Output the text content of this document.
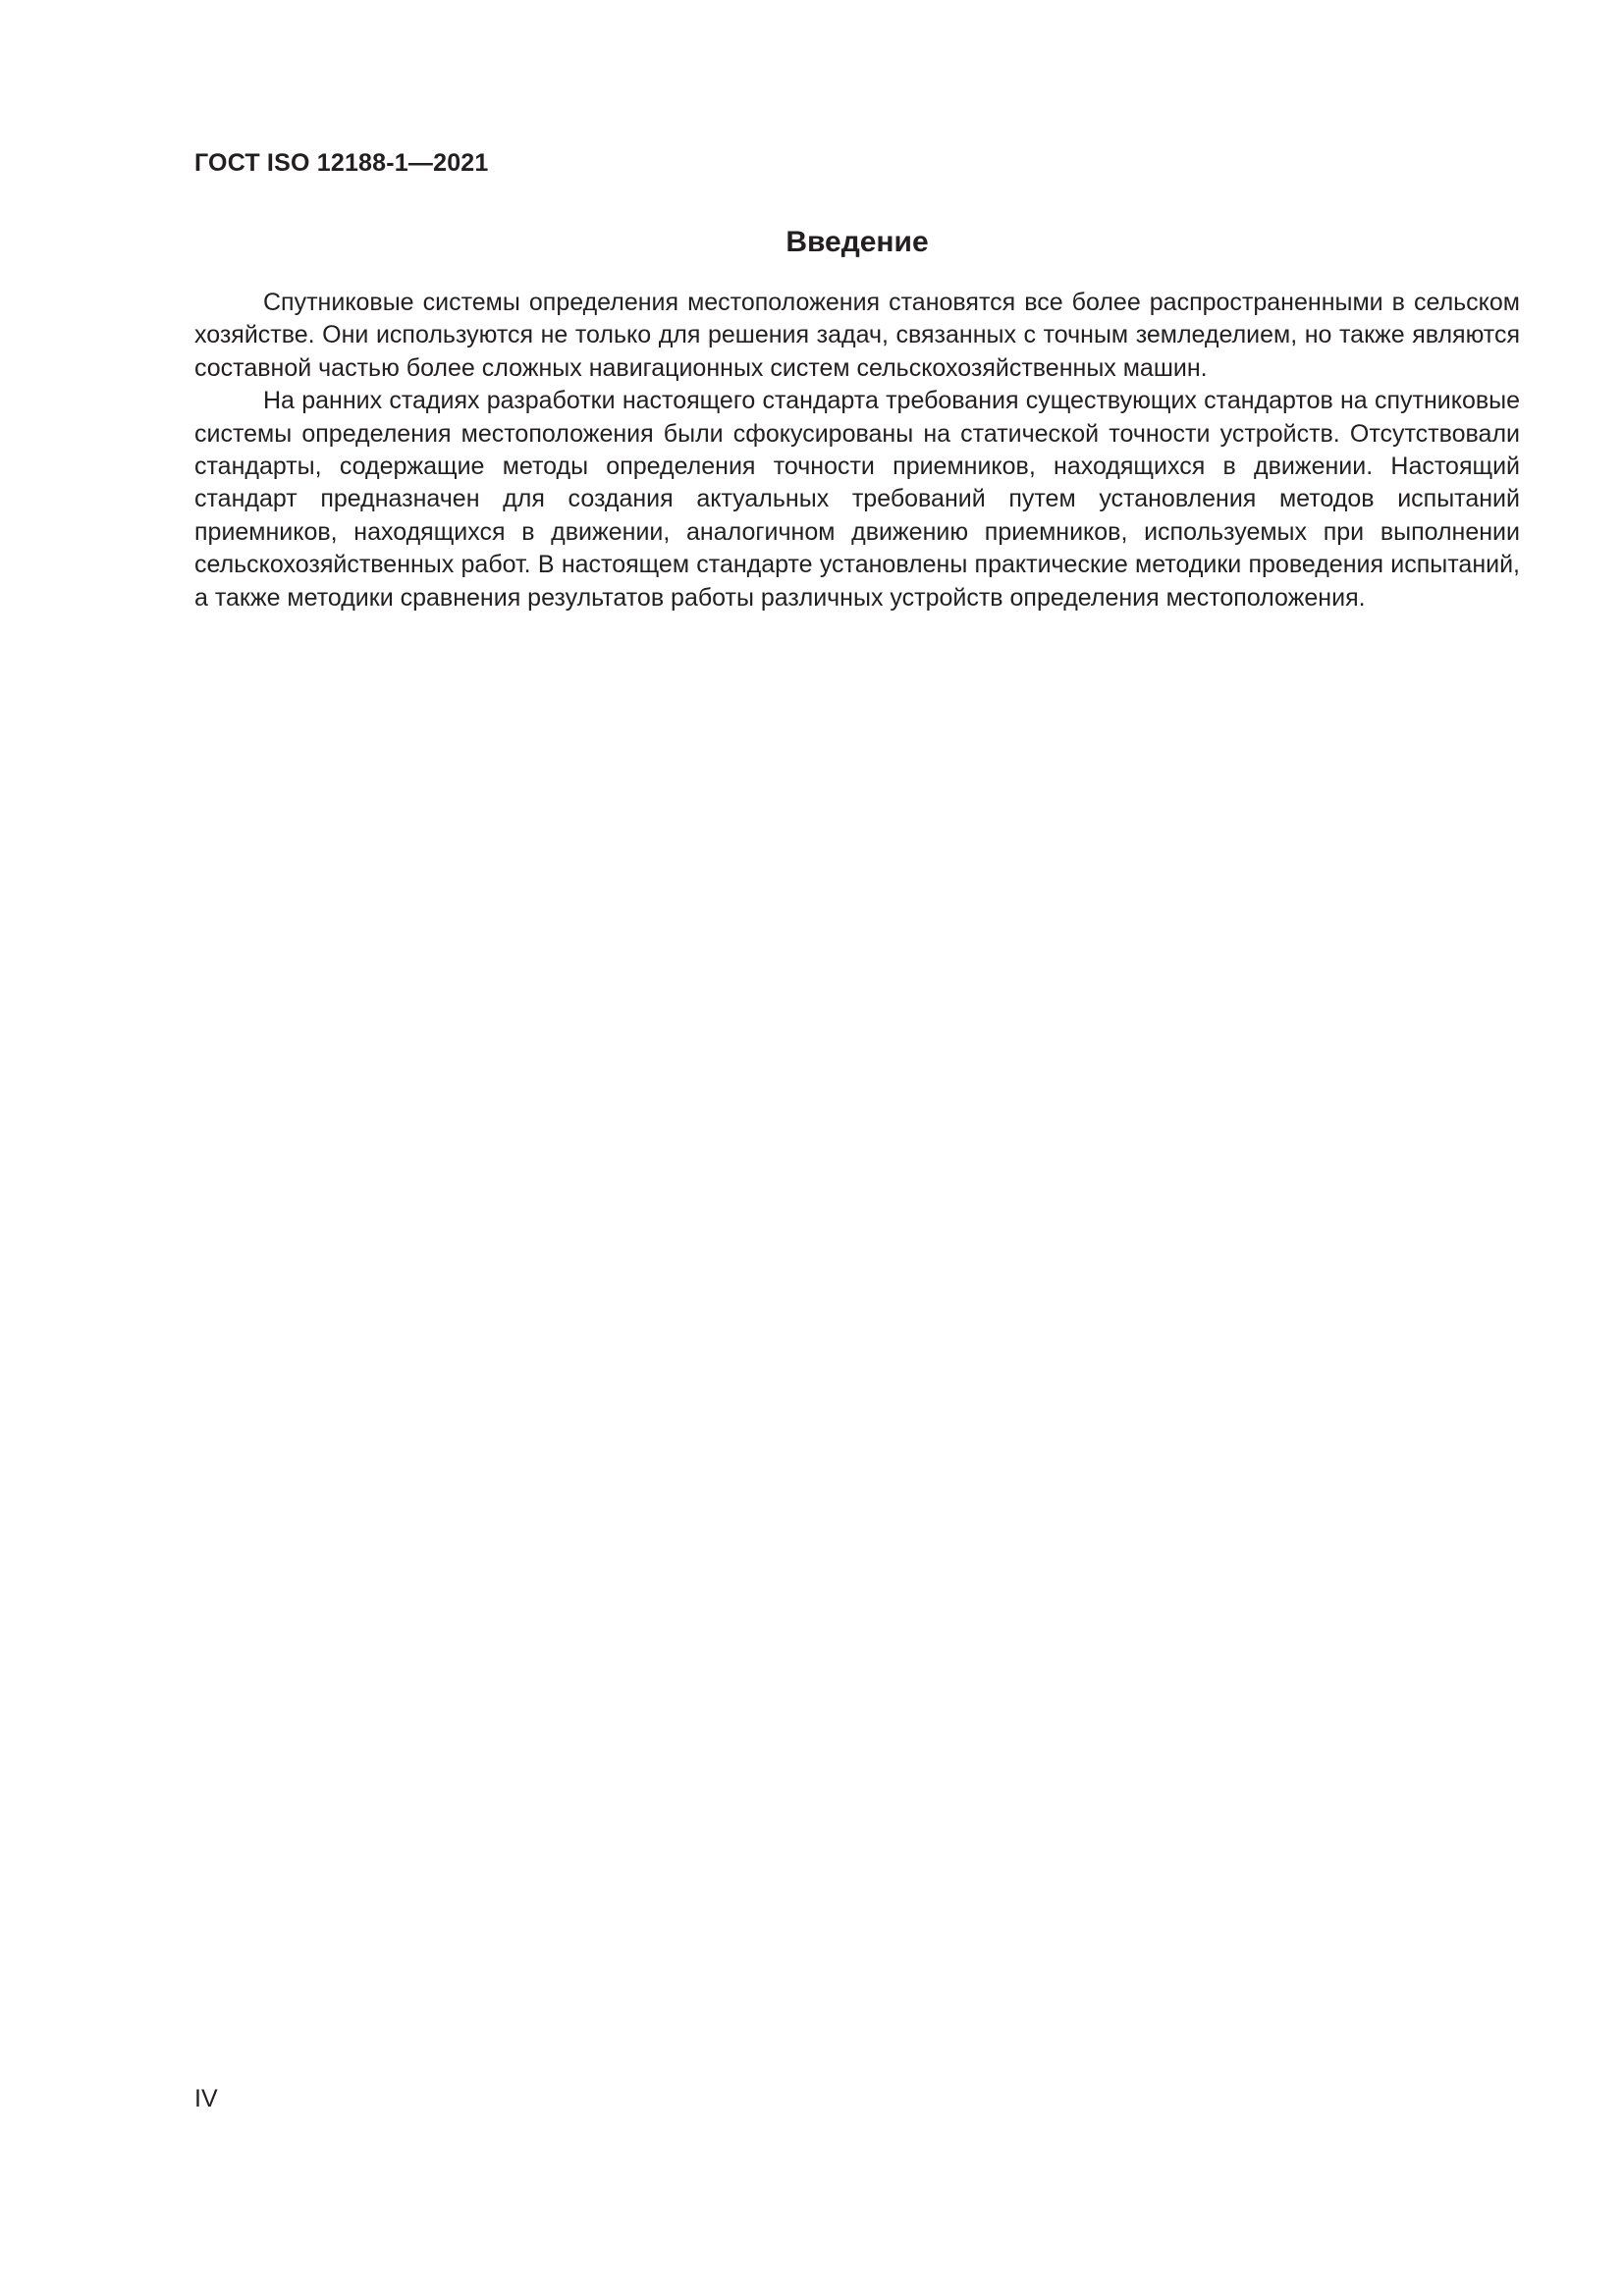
ГОСТ ISO 12188-1—2021
Введение

Спутниковые системы определения местоположения становятся все более распространенными в сельском хозяйстве. Они используются не только для решения задач, связанных с точным земледелием, но также являются составной частью более сложных навигационных систем сельскохозяйственных машин.

На ранних стадиях разработки настоящего стандарта требования существующих стандартов на спутниковые системы определения местоположения были сфокусированы на статической точности устройств. Отсутствовали стандарты, содержащие методы определения точности приемников, находящихся в движении. Настоящий стандарт предназначен для создания актуальных требований путем установления методов испытаний приемников, находящихся в движении, аналогичном движению приемников, используемых при выполнении сельскохозяйственных работ. В настоящем стандарте установлены практические методики проведения испытаний, а также методики сравнения результатов работы различных устройств определения местоположения.

IV
